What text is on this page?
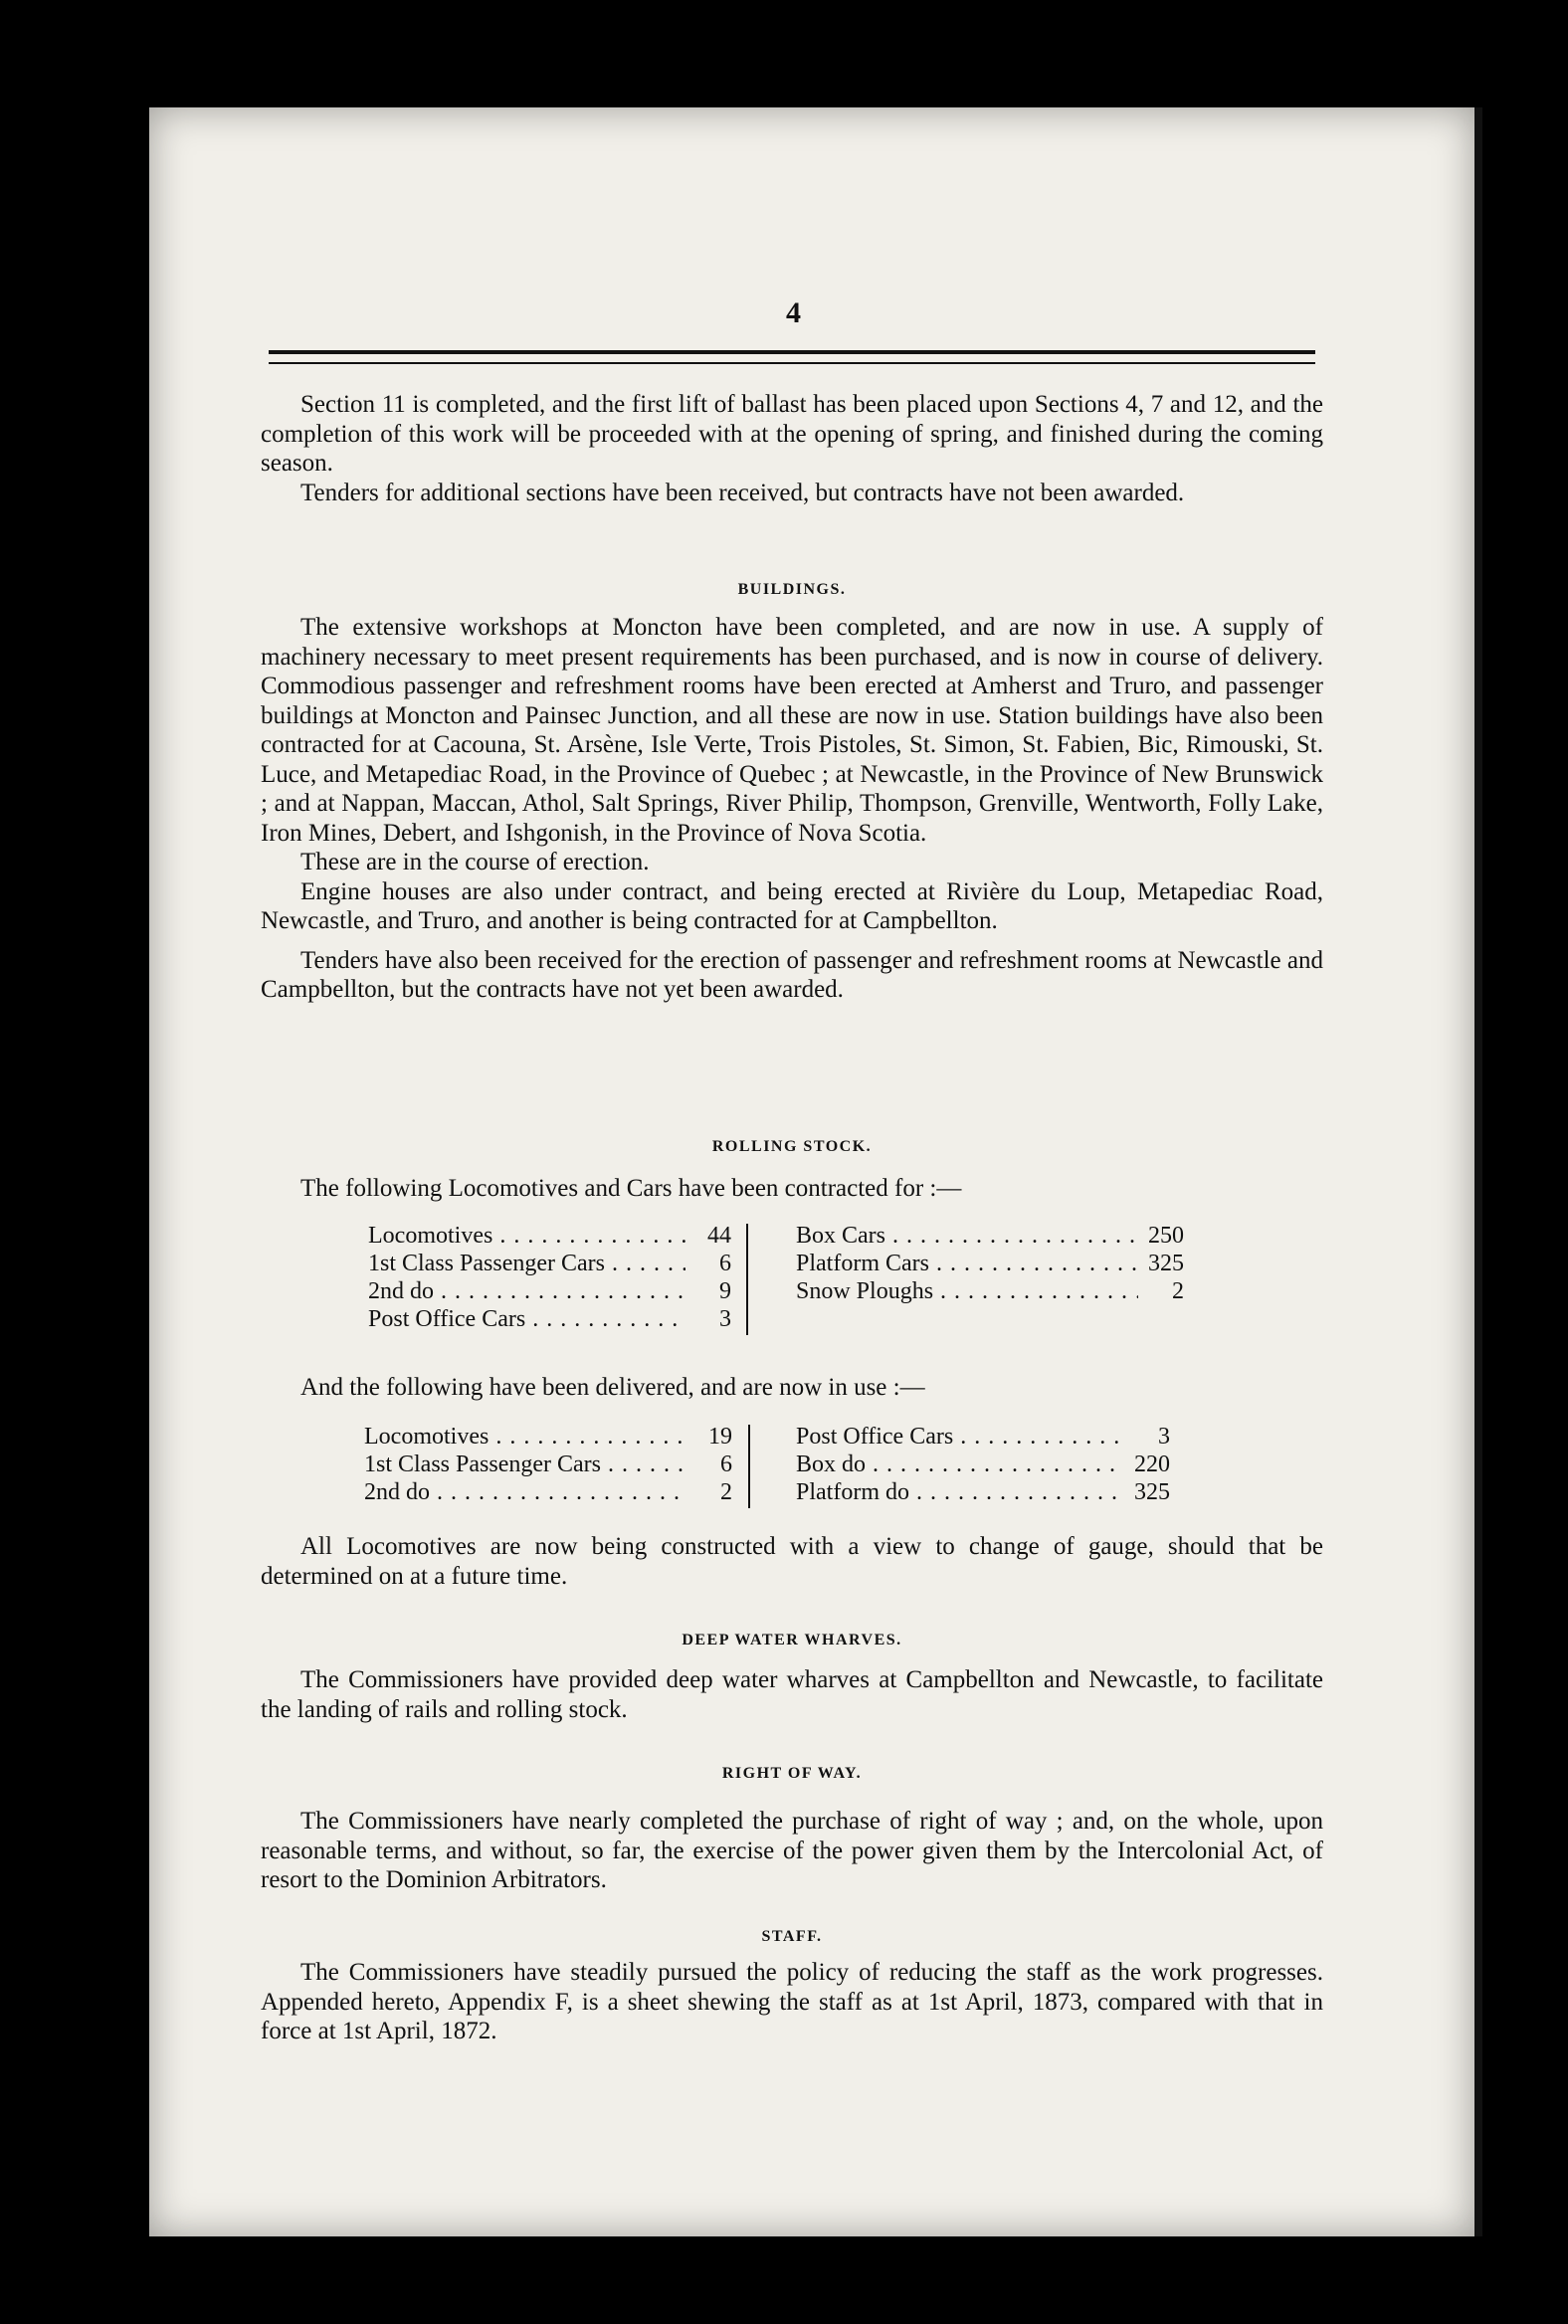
4

Section 11 is completed, and the first lift of ballast has been placed upon Sections 4, 7 and 12, and the completion of this work will be proceeded with at the opening of spring, and finished during the coming season.

Tenders for additional sections have been received, but contracts have not been awarded.

BUILDINGS.

The extensive workshops at Moncton have been completed, and are now in use. A supply of machinery necessary to meet present requirements has been purchased, and is now in course of delivery. Commodious passenger and refreshment rooms have been erected at Amherst and Truro, and passenger buildings at Moncton and Painsec Junction, and all these are now in use. Station buildings have also been contracted for at Cacouna, St. Arsène, Isle Verte, Trois Pistoles, St. Simon, St. Fabien, Bic, Rimouski, St. Luce, and Metapediac Road, in the Province of Quebec ; at Newcastle, in the Province of New Brunswick ; and at Nappan, Maccan, Athol, Salt Springs, River Philip, Thompson, Grenville, Wentworth, Folly Lake, Iron Mines, Debert, and Ishgonish, in the Province of Nova Scotia.

These are in the course of erection.

Engine houses are also under contract, and being erected at Rivière du Loup, Metapediac Road, Newcastle, and Truro, and another is being contracted for at Campbellton.

Tenders have also been received for the erection of passenger and refreshment rooms at Newcastle and Campbellton, but the contracts have not yet been awarded.

ROLLING STOCK.

The following Locomotives and Cars have been contracted for :—

Locomotives . . .	44
1st Class Passenger Cars . . .	6
2nd do . . .	9
Post Office Cars . . .	3
Box Cars . . .	250
Platform Cars . . .	325
Snow Ploughs . . .	2

And the following have been delivered, and are now in use :—

Locomotives . . .	19
1st Class Passenger Cars . . .	6
2nd do . . .	2
Post Office Cars . . .	3
Box do . . .	220
Platform do . . .	325

All Locomotives are now being constructed with a view to change of gauge, should that be determined on at a future time.

DEEP WATER WHARVES.

The Commissioners have provided deep water wharves at Campbellton and Newcastle, to facilitate the landing of rails and rolling stock.

RIGHT OF WAY.

The Commissioners have nearly completed the purchase of right of way ; and, on the whole, upon reasonable terms, and without, so far, the exercise of the power given them by the Intercolonial Act, of resort to the Dominion Arbitrators.

STAFF.

The Commissioners have steadily pursued the policy of reducing the staff as the work progresses. Appended hereto, Appendix F, is a sheet shewing the staff as at 1st April, 1873, compared with that in force at 1st April, 1872.
